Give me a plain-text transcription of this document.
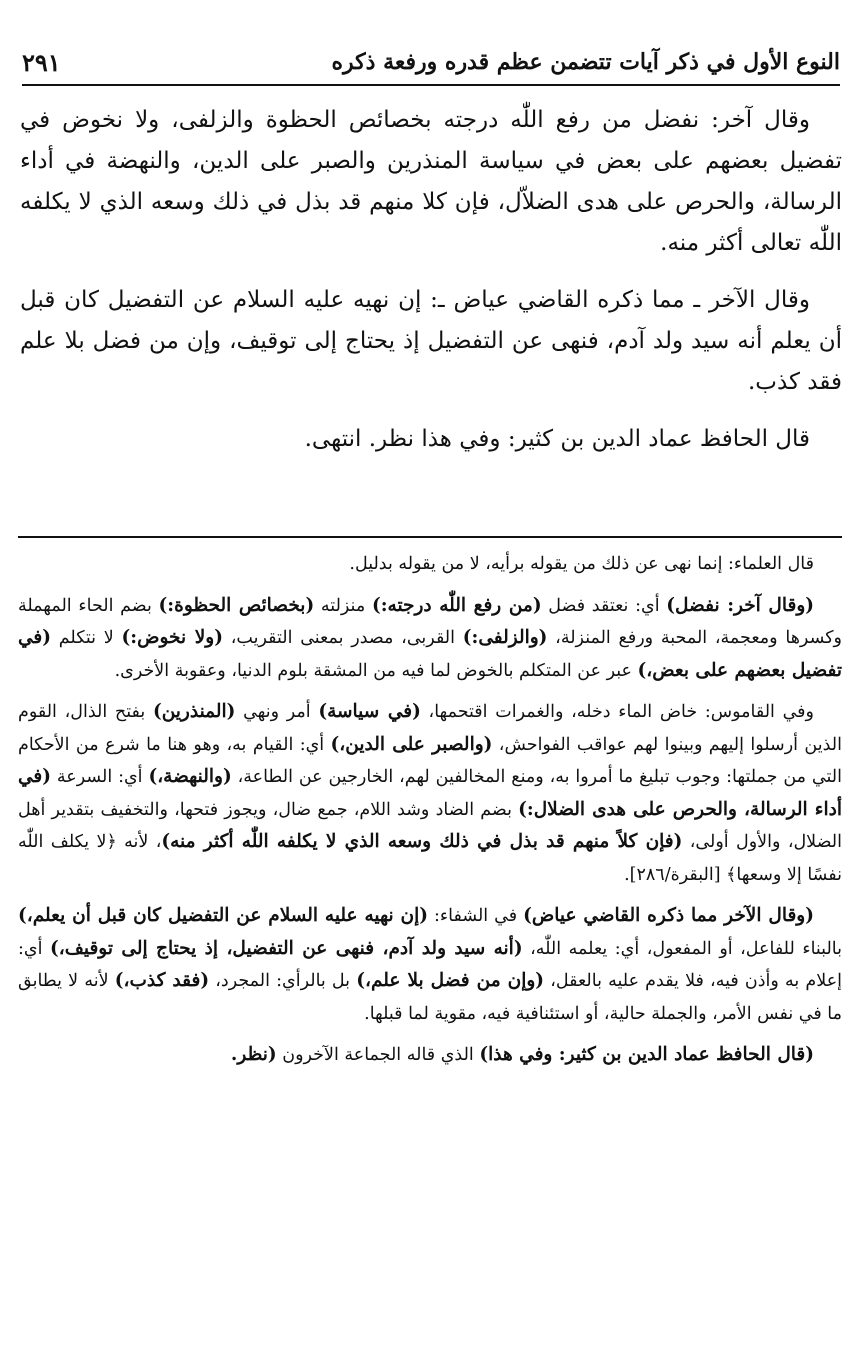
النوع الأول في ذكر آيات تتضمن عظم قدره ورفعة ذكره
٢٩١

وقال آخر: نفضل من رفع اللّٰه درجته بخصائص الحظوة والزلفى، ولا نخوض في تفضيل بعضهم على بعض في سياسة المنذرين والصبر على الدين، والنهضة في أداء الرسالة، والحرص على هدى الضلاّل، فإن كلا منهم قد بذل في ذلك وسعه الذي لا يكلفه اللّٰه تعالى أكثر منه.

وقال الآخر ـ مما ذكره القاضي عياض ـ: إن نهيه عليه السلام عن التفضيل كان قبل أن يعلم أنه سيد ولد آدم، فنهى عن التفضيل إذ يحتاج إلى توقيف، وإن من فضل بلا علم فقد كذب.

قال الحافظ عماد الدين بن كثير: وفي هذا نظر. انتهى.

قال العلماء: إنما نهى عن ذلك من يقوله برأيه، لا من يقوله بدليل.

(وقال آخر: نفضل) أي: نعتقد فضل (من رفع اللّٰه درجته:) منزلته (بخصائص الحظوة:) بضم الحاء المهملة وكسرها ومعجمة، المحبة ورفع المنزلة، (والزلفى:) القربى، مصدر بمعنى التقريب، (ولا نخوض:) لا نتكلم (في تفضيل بعضهم على بعض،) عبر عن المتكلم بالخوض لما فيه من المشقة بلوم الدنيا، وعقوبة الأخرى.

وفي القاموس: خاض الماء دخله، والغمرات اقتحمها، (في سياسة) أمر ونهي (المنذرين) بفتح الذال، القوم الذين أرسلوا إليهم وبينوا لهم عواقب الفواحش، (والصبر على الدين،) أي: القيام به، وهو هنا ما شرع من الأحكام التي من جملتها: وجوب تبليغ ما أمروا به، ومنع المخالفين لهم، الخارجين عن الطاعة، (والنهضة،) أي: السرعة (في أداء الرسالة، والحرص على هدى الضلال:) بضم الضاد وشد اللام، جمع ضال، ويجوز فتحها، والتخفيف بتقدير أهل الضلال، والأول أولى، (فإن كلاً منهم قد بذل في ذلك وسعه الذي لا يكلفه اللّٰه أكثر منه)، لأنه ﴿لا يكلف اللّٰه نفسًا إلا وسعها﴾ [البقرة/٢٨٦].

(وقال الآخر مما ذكره القاضي عياض) في الشفاء: (إن نهيه عليه السلام عن التفضيل كان قبل أن يعلم،) بالبناء للفاعل، أو المفعول، أي: يعلمه اللّٰه، (أنه سيد ولد آدم، فنهى عن التفضيل، إذ يحتاج إلى توقيف،) أي: إعلام به وأذن فيه، فلا يقدم عليه بالعقل، (وإن من فضل بلا علم،) بل بالرأي: المجرد، (فقد كذب،) لأنه لا يطابق ما في نفس الأمر، والجملة حالية، أو استئنافية فيه، مقوية لما قبلها.

(قال الحافظ عماد الدين بن كثير: وفي هذا) الذي قاله الجماعة الآخرون (نظر.
